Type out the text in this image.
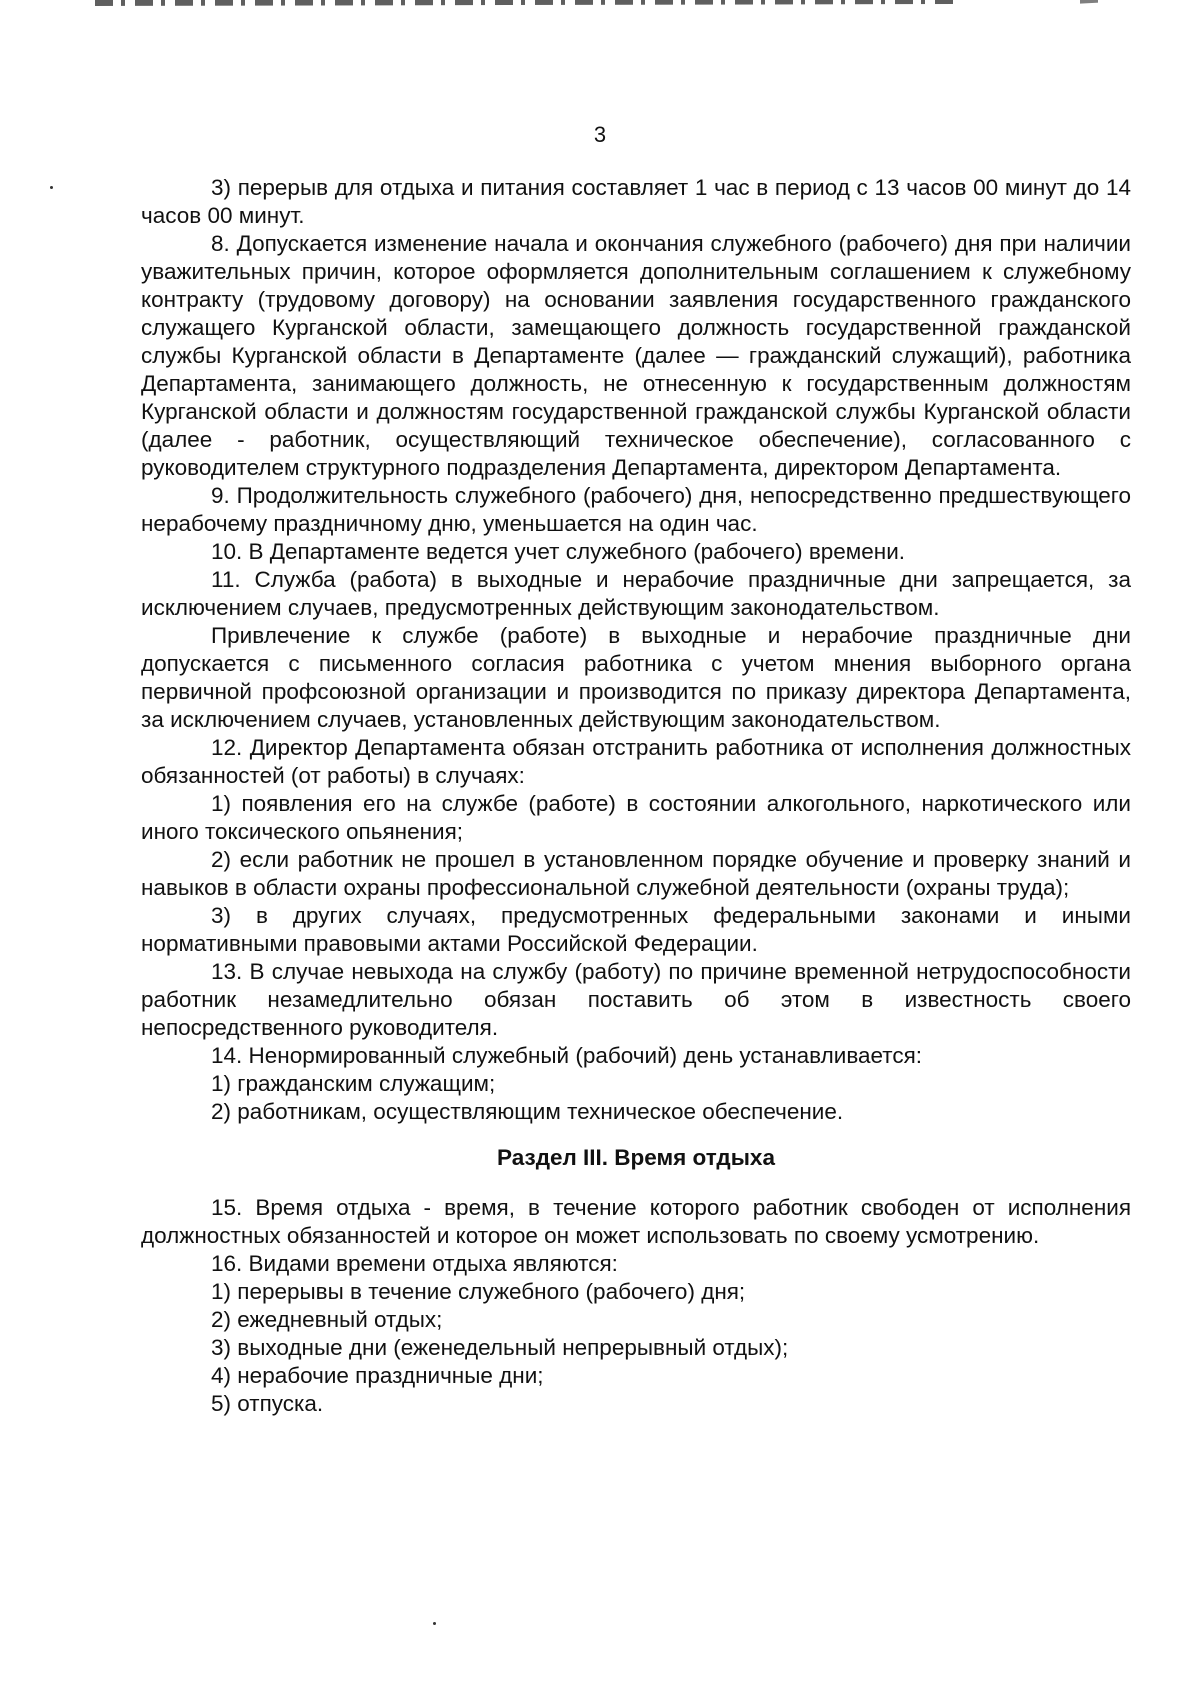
3

3) перерыв для отдыха и питания составляет 1 час в период с 13 часов 00 минут до 14 часов 00 минут.

8. Допускается изменение начала и окончания служебного (рабочего) дня при наличии уважительных причин, которое оформляется дополнительным соглашением к служебному контракту (трудовому договору) на основании заявления государственного гражданского служащего Курганской области, замещающего должность государственной гражданской службы Курганской области в Департаменте (далее — гражданский служащий), работника Департамента, занимающего должность, не отнесенную к государственным должностям Курганской области и должностям государственной гражданской службы Курганской области (далее - работник, осуществляющий техническое обеспечение), согласованного с руководителем структурного подразделения Департамента, директором Департамента.

9. Продолжительность служебного (рабочего) дня, непосредственно предшествующего нерабочему праздничному дню, уменьшается на один час.

10. В Департаменте ведется учет служебного (рабочего) времени.

11. Служба (работа) в выходные и нерабочие праздничные дни запрещается, за исключением случаев, предусмотренных действующим законодательством.

Привлечение к службе (работе) в выходные и нерабочие праздничные дни допускается с письменного согласия работника с учетом мнения выборного органа первичной профсоюзной организации и производится по приказу директора Департамента, за исключением случаев, установленных действующим законодательством.

12. Директор Департамента обязан отстранить работника от исполнения должностных обязанностей (от работы) в случаях:

1) появления его на службе (работе) в состоянии алкогольного, наркотического или иного токсического опьянения;

2) если работник не прошел в установленном порядке обучение и проверку знаний и навыков в области охраны профессиональной служебной деятельности (охраны труда);

3) в других случаях, предусмотренных федеральными законами и иными нормативными правовыми актами Российской Федерации.

13. В случае невыхода на службу (работу) по причине временной нетрудоспособности работник незамедлительно обязан поставить об этом в известность своего непосредственного руководителя.

14. Ненормированный служебный (рабочий) день устанавливается:

1) гражданским служащим;

2) работникам, осуществляющим техническое обеспечение.

Раздел III. Время отдыха

15. Время отдыха - время, в течение которого работник свободен от исполнения должностных обязанностей и которое он может использовать по своему усмотрению.

16. Видами времени отдыха являются:

1) перерывы в течение служебного (рабочего) дня;

2) ежедневный отдых;

3) выходные дни (еженедельный непрерывный отдых);

4) нерабочие праздничные дни;

5) отпуска.
